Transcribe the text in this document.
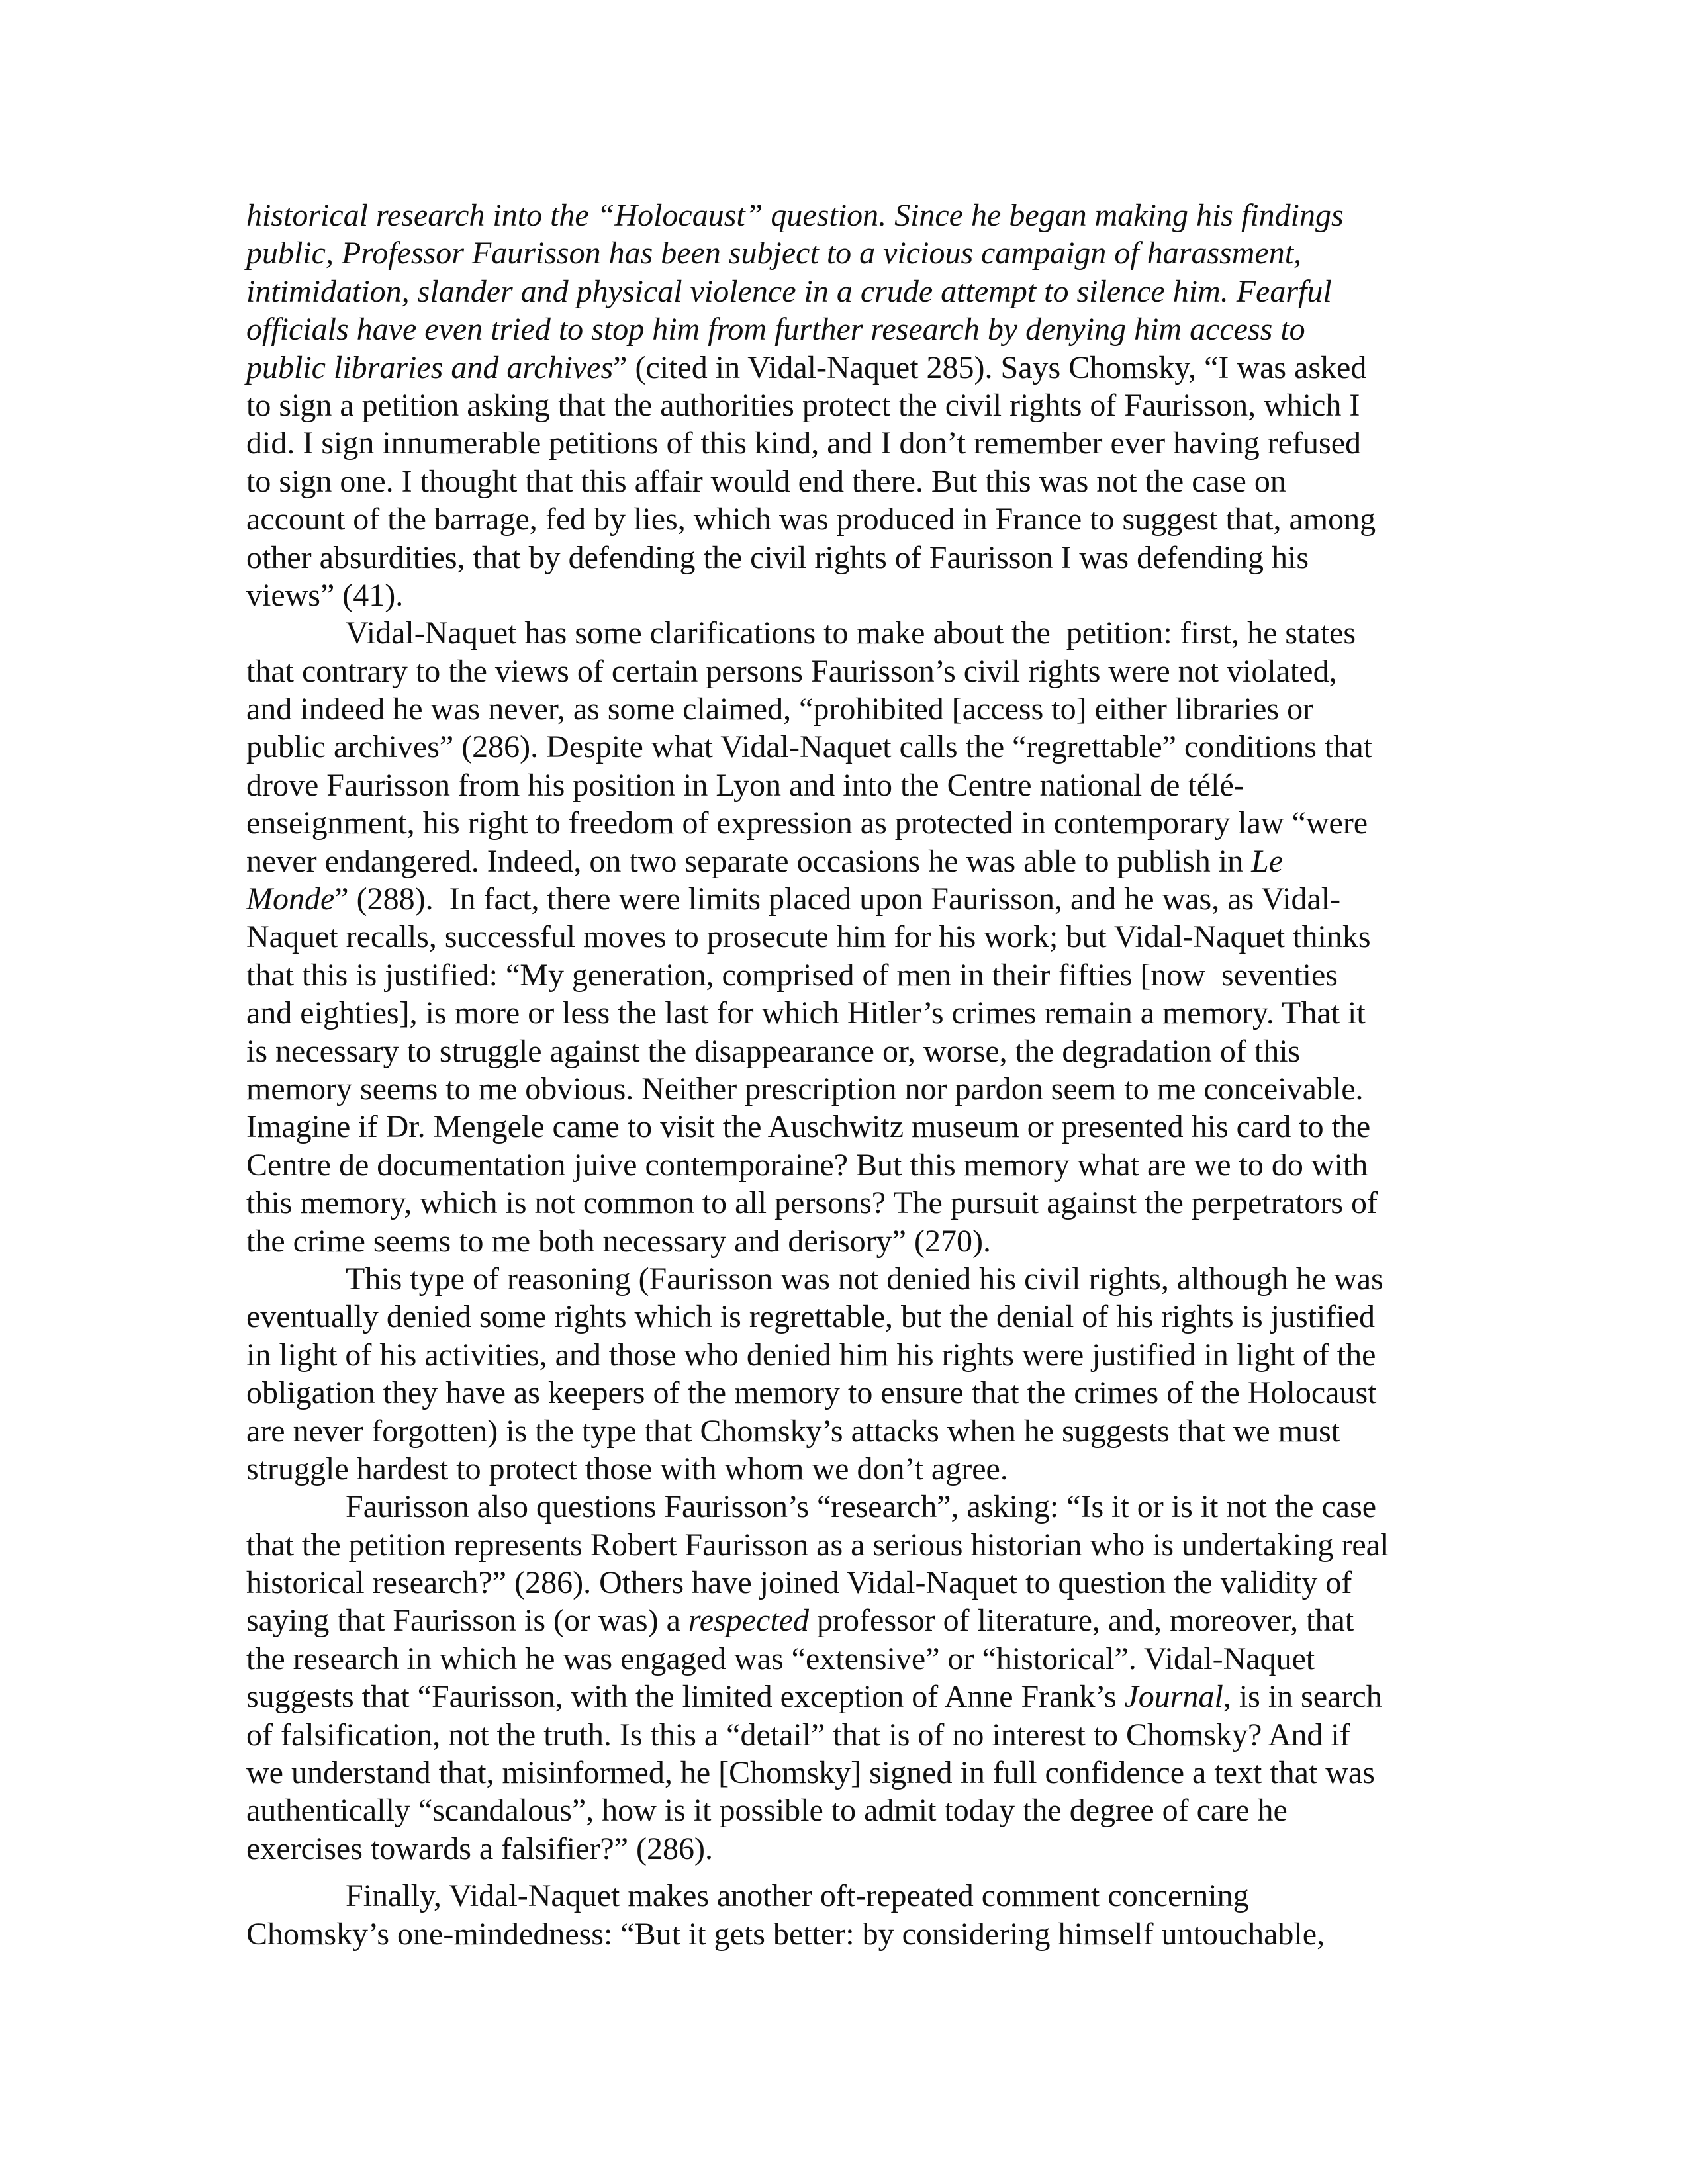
historical research into the “Holocaust” question. Since he began making his findings
public, Professor Faurisson has been subject to a vicious campaign of harassment,
intimidation, slander and physical violence in a crude attempt to silence him. Fearful
officials have even tried to stop him from further research by denying him access to
public libraries and archives” (cited in Vidal-Naquet 285). Says Chomsky, “I was asked
to sign a petition asking that the authorities protect the civil rights of Faurisson, which I
did. I sign innumerable petitions of this kind, and I don’t remember ever having refused
to sign one. I thought that this affair would end there. But this was not the case on
account of the barrage, fed by lies, which was produced in France to suggest that, among
other absurdities, that by defending the civil rights of Faurisson I was defending his
views” (41).
Vidal-Naquet has some clarifications to make about the  petition: first, he states
that contrary to the views of certain persons Faurisson’s civil rights were not violated,
and indeed he was never, as some claimed, “prohibited [access to] either libraries or
public archives” (286). Despite what Vidal-Naquet calls the “regrettable” conditions that
drove Faurisson from his position in Lyon and into the Centre national de télé-
enseignment, his right to freedom of expression as protected in contemporary law “were
never endangered. Indeed, on two separate occasions he was able to publish in Le
Monde” (288).  In fact, there were limits placed upon Faurisson, and he was, as Vidal-
Naquet recalls, successful moves to prosecute him for his work; but Vidal-Naquet thinks
that this is justified: “My generation, comprised of men in their fifties [now  seventies
and eighties], is more or less the last for which Hitler’s crimes remain a memory. That it
is necessary to struggle against the disappearance or, worse, the degradation of this
memory seems to me obvious. Neither prescription nor pardon seem to me conceivable.
Imagine if Dr. Mengele came to visit the Auschwitz museum or presented his card to the
Centre de documentation juive contemporaine? But this memory what are we to do with
this memory, which is not common to all persons? The pursuit against the perpetrators of
the crime seems to me both necessary and derisory” (270).
This type of reasoning (Faurisson was not denied his civil rights, although he was
eventually denied some rights which is regrettable, but the denial of his rights is justified
in light of his activities, and those who denied him his rights were justified in light of the
obligation they have as keepers of the memory to ensure that the crimes of the Holocaust
are never forgotten) is the type that Chomsky’s attacks when he suggests that we must
struggle hardest to protect those with whom we don’t agree.
Faurisson also questions Faurisson’s “research”, asking: “Is it or is it not the case
that the petition represents Robert Faurisson as a serious historian who is undertaking real
historical research?” (286). Others have joined Vidal-Naquet to question the validity of
saying that Faurisson is (or was) a respected professor of literature, and, moreover, that
the research in which he was engaged was “extensive” or “historical”. Vidal-Naquet
suggests that “Faurisson, with the limited exception of Anne Frank’s Journal, is in search
of falsification, not the truth. Is this a “detail” that is of no interest to Chomsky? And if
we understand that, misinformed, he [Chomsky] signed in full confidence a text that was
authentically “scandalous”, how is it possible to admit today the degree of care he
exercises towards a falsifier?” (286).
Finally, Vidal-Naquet makes another oft-repeated comment concerning
Chomsky’s one-mindedness: “But it gets better: by considering himself untouchable,
